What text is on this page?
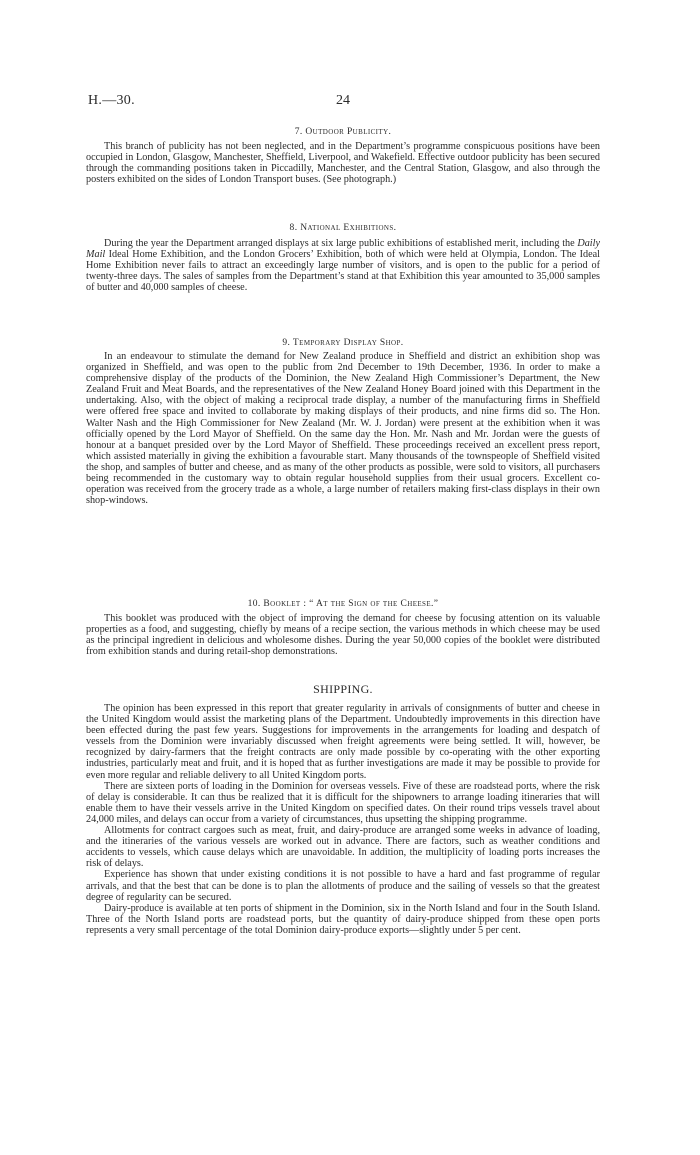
H.—30.	24

7. Outdoor Publicity.

This branch of publicity has not been neglected, and in the Department’s programme conspicuous positions have been occupied in London, Glasgow, Manchester, Sheffield, Liverpool, and Wakefield. Effective outdoor publicity has been secured through the commanding positions taken in Piccadilly, Manchester, and the Central Station, Glasgow, and also through the posters exhibited on the sides of London Transport buses. (See photograph.)

8. National Exhibitions.

During the year the Department arranged displays at six large public exhibitions of established merit, including the Daily Mail Ideal Home Exhibition, and the London Grocers’ Exhibition, both of which were held at Olympia, London. The Ideal Home Exhibition never fails to attract an exceedingly large number of visitors, and is open to the public for a period of twenty-three days. The sales of samples from the Department’s stand at that Exhibition this year amounted to 35,000 samples of butter and 40,000 samples of cheese.

9. Temporary Display Shop.

In an endeavour to stimulate the demand for New Zealand produce in Sheffield and district an exhibition shop was organized in Sheffield, and was open to the public from 2nd December to 19th December, 1936. In order to make a comprehensive display of the products of the Dominion, the New Zealand High Commissioner’s Department, the New Zealand Fruit and Meat Boards, and the representatives of the New Zealand Honey Board joined with this Department in the undertaking. Also, with the object of making a reciprocal trade display, a number of the manufacturing firms in Sheffield were offered free space and invited to collaborate by making displays of their products, and nine firms did so. The Hon. Walter Nash and the High Commissioner for New Zealand (Mr. W. J. Jordan) were present at the exhibition when it was officially opened by the Lord Mayor of Sheffield. On the same day the Hon. Mr. Nash and Mr. Jordan were the guests of honour at a banquet presided over by the Lord Mayor of Sheffield. These proceedings received an excellent press report, which assisted materially in giving the exhibition a favourable start. Many thousands of the townspeople of Sheffield visited the shop, and samples of butter and cheese, and as many of the other products as possible, were sold to visitors, all purchasers being recommended in the customary way to obtain regular household supplies from their usual grocers. Excellent co-operation was received from the grocery trade as a whole, a large number of retailers making first-class displays in their own shop-windows.

10. Booklet : “ At the Sign of the Cheese.”

This booklet was produced with the object of improving the demand for cheese by focusing attention on its valuable properties as a food, and suggesting, chiefly by means of a recipe section, the various methods in which cheese may be used as the principal ingredient in delicious and wholesome dishes. During the year 50,000 copies of the booklet were distributed from exhibition stands and during retail-shop demonstrations.

SHIPPING.

The opinion has been expressed in this report that greater regularity in arrivals of consignments of butter and cheese in the United Kingdom would assist the marketing plans of the Department. Undoubtedly improvements in this direction have been effected during the past few years. Suggestions for improvements in the arrangements for loading and despatch of vessels from the Dominion were invariably discussed when freight agreements were being settled. It will, however, be recognized by dairy-farmers that the freight contracts are only made possible by co-operating with the other exporting industries, particularly meat and fruit, and it is hoped that as further investigations are made it may be possible to provide for even more regular and reliable delivery to all United Kingdom ports.

There are sixteen ports of loading in the Dominion for overseas vessels. Five of these are roadstead ports, where the risk of delay is considerable. It can thus be realized that it is difficult for the shipowners to arrange loading itineraries that will enable them to have their vessels arrive in the United Kingdom on specified dates. On their round trips vessels travel about 24,000 miles, and delays can occur from a variety of circumstances, thus upsetting the shipping programme.

Allotments for contract cargoes such as meat, fruit, and dairy-produce are arranged some weeks in advance of loading, and the itineraries of the various vessels are worked out in advance. There are factors, such as weather conditions and accidents to vessels, which cause delays which are unavoidable. In addition, the multiplicity of loading ports increases the risk of delays.

Experience has shown that under existing conditions it is not possible to have a hard and fast programme of regular arrivals, and that the best that can be done is to plan the allotments of produce and the sailing of vessels so that the greatest degree of regularity can be secured.

Dairy-produce is available at ten ports of shipment in the Dominion, six in the North Island and four in the South Island. Three of the North Island ports are roadstead ports, but the quantity of dairy-produce shipped from these open ports represents a very small percentage of the total Dominion dairy-produce exports—slightly under 5 per cent.
